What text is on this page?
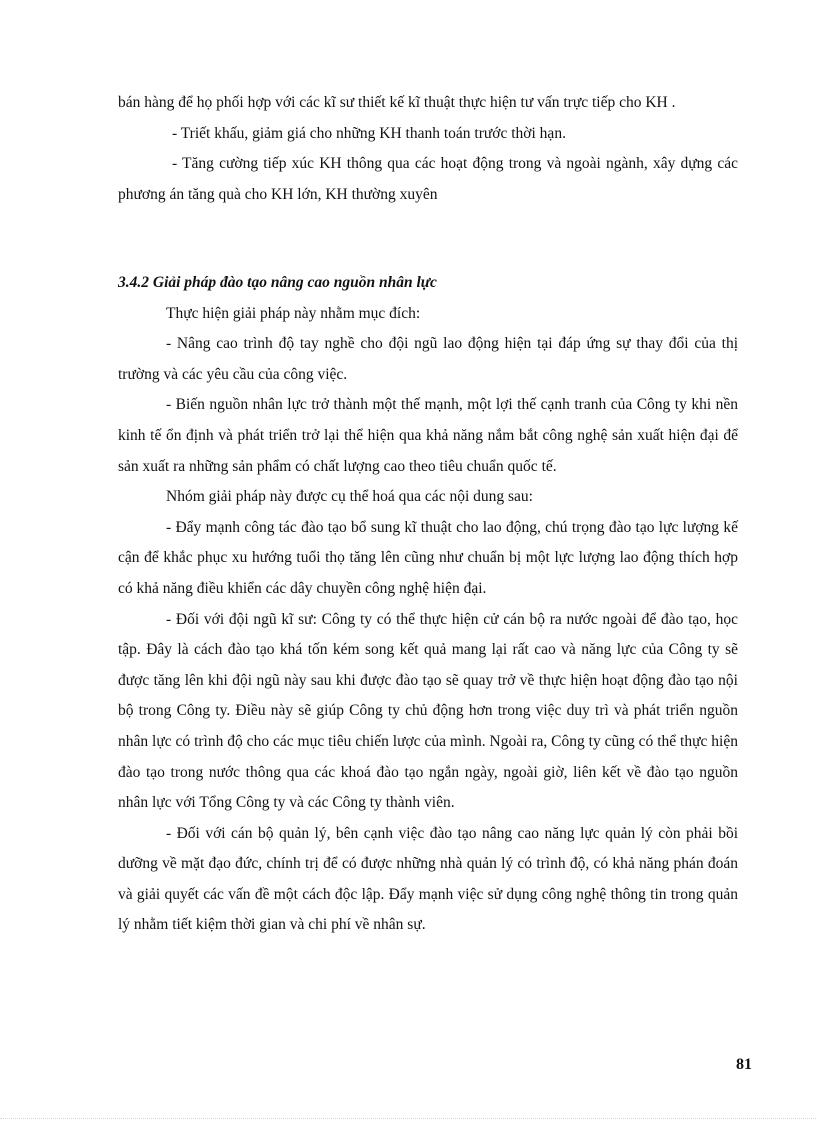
bán hàng để họ phối hợp với các kĩ sư thiết kế kĩ thuật thực hiện tư vấn trực tiếp cho KH .

- Triết khấu, giảm giá cho những KH thanh toán trước thời hạn.

- Tăng cường tiếp xúc KH thông qua các hoạt động trong và ngoài ngành, xây dựng các phương án tăng quà cho KH lớn, KH thường xuyên

3.4.2 Giải pháp đào tạo nâng cao nguồn nhân lực

Thực hiện giải pháp này nhằm mục đích:

- Nâng cao trình độ tay nghề cho đội ngũ lao động hiện tại đáp ứng sự thay đổi của thị trường và các yêu cầu của công việc.

- Biến nguồn nhân lực trở thành một thế mạnh, một lợi thế cạnh tranh của Công ty khi nền kinh tế ổn định và phát triển trở lại thể hiện qua khả năng nắm bắt công nghệ sản xuất hiện đại để sản xuất ra những sản phẩm có chất lượng cao theo tiêu chuẩn quốc tế.

Nhóm giải pháp này được cụ thể hoá qua các nội dung sau:

- Đẩy mạnh công tác đào tạo bổ sung kĩ thuật cho lao động, chú trọng đào tạo lực lượng kế cận để khắc phục xu hướng tuổi thọ tăng lên cũng như chuẩn bị một lực lượng lao động thích hợp có khả năng điều khiển các dây chuyền công nghệ hiện đại.

- Đối với đội ngũ kĩ sư: Công ty có thể thực hiện cử cán bộ ra nước ngoài để đào tạo, học tập. Đây là cách đào tạo khá tốn kém song kết quả mang lại rất cao và năng lực của Công ty sẽ được tăng lên khi đội ngũ này sau khi được đào tạo sẽ quay trở về thực hiện hoạt động đào tạo nội bộ trong Công ty. Điều này sẽ giúp Công ty chủ động hơn trong việc duy trì và phát triển nguồn nhân lực có trình độ cho các mục tiêu chiến lược của mình. Ngoài ra, Công ty cũng có thể thực hiện đào tạo trong nước thông qua các khoá đào tạo ngắn ngày, ngoài giờ, liên kết về đào tạo nguồn nhân lực với Tổng Công ty và các Công ty thành viên.

- Đối với cán bộ quản lý, bên cạnh việc đào tạo nâng cao năng lực quản lý còn phải bồi dưỡng về mặt đạo đức, chính trị để có được những nhà quản lý có trình độ, có khả năng phán đoán và giải quyết các vấn đề một cách độc lập. Đẩy mạnh việc sử dụng công nghệ thông tin trong quản lý nhằm tiết kiệm thời gian và chi phí về nhân sự.

81
